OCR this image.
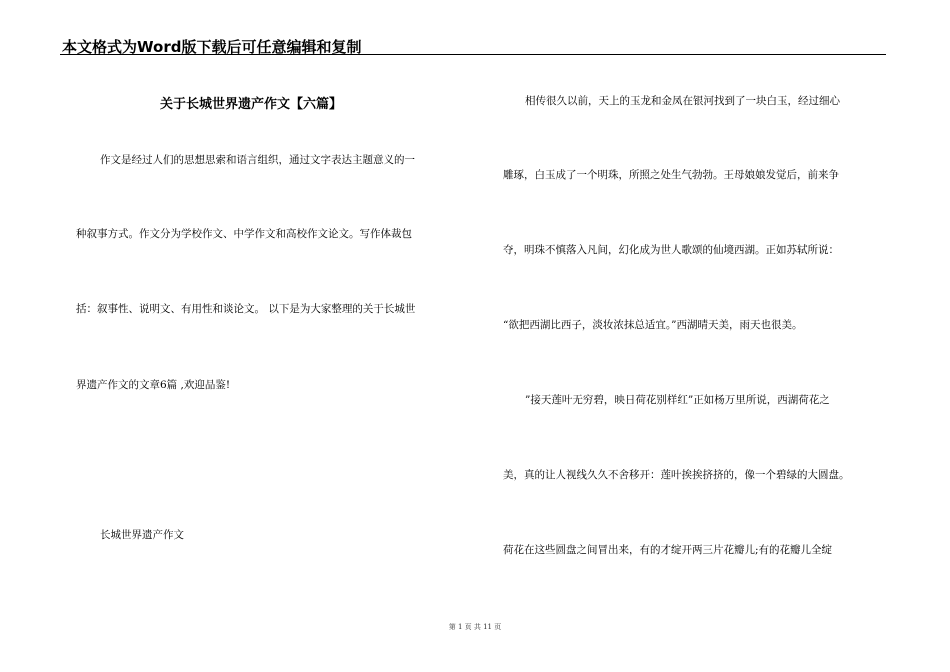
本文格式为Word版下载后可任意编辑和复制
关于长城世界遗产作文【六篇】
作文是经过人们的思想思索和语言组织，通过文字表达主题意义的一
种叙事方式。作文分为学校作文、中学作文和高校作文论文。写作体裁包
括：叙事性、说明文、有用性和谈论文。 以下是为大家整理的关于长城世
界遗产作文的文章6篇 ,欢迎品鉴!
长城世界遗产作文
相传很久以前，天上的玉龙和金凤在银河找到了一块白玉，经过细心
雕琢，白玉成了一个明珠，所照之处生气勃勃。王母娘娘发觉后，前来争
夺，明珠不慎落入凡间，幻化成为世人歌颂的仙境西湖。正如苏轼所说：
“欲把西湖比西子，淡妆浓抹总适宜。”西湖晴天美，雨天也很美。
”接天莲叶无穷碧，映日荷花别样红”正如杨万里所说，西湖荷花之
美，真的让人视线久久不舍移开：莲叶挨挨挤挤的，像一个碧绿的大圆盘。
荷花在这些圆盘之间冒出来，有的才绽开两三片花瓣儿;有的花瓣儿全绽
第 1 页 共 11 页
